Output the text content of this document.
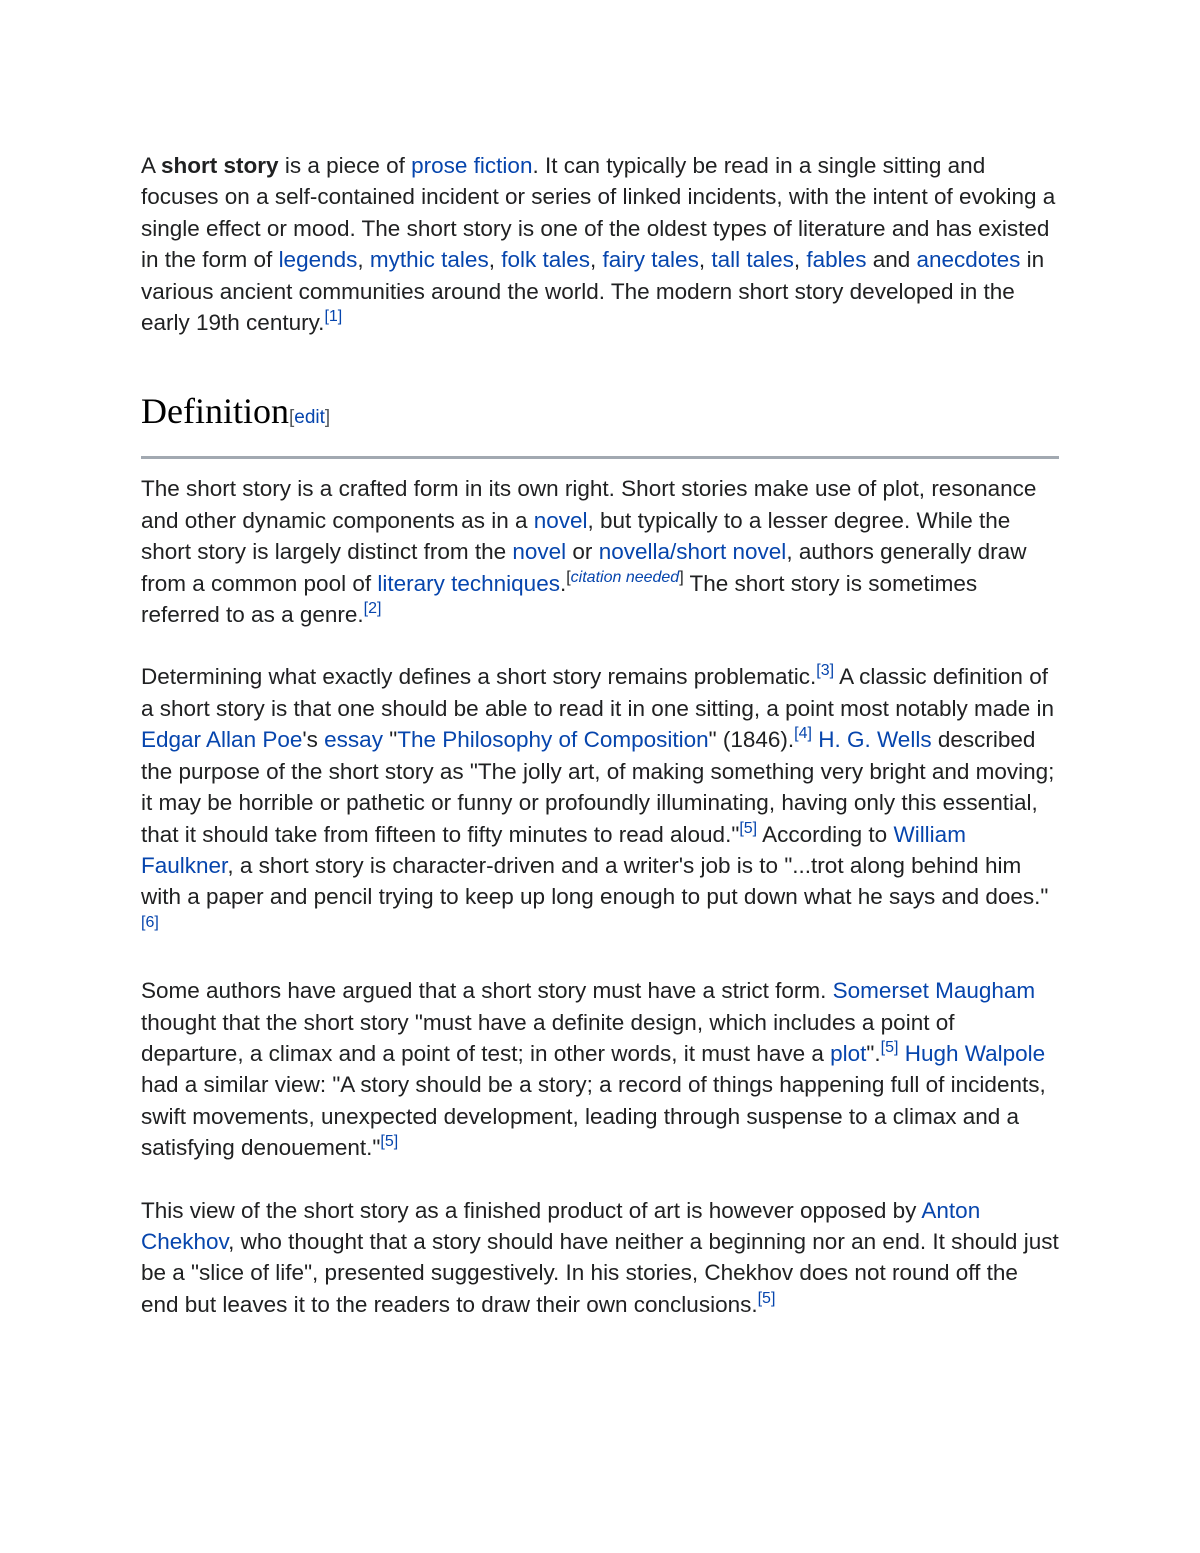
A short story is a piece of prose fiction. It can typically be read in a single sitting and focuses on a self-contained incident or series of linked incidents, with the intent of evoking a single effect or mood. The short story is one of the oldest types of literature and has existed in the form of legends, mythic tales, folk tales, fairy tales, tall tales, fables and anecdotes in various ancient communities around the world. The modern short story developed in the early 19th century.[1]

Definition[edit]

The short story is a crafted form in its own right. Short stories make use of plot, resonance and other dynamic components as in a novel, but typically to a lesser degree. While the short story is largely distinct from the novel or novella/short novel, authors generally draw from a common pool of literary techniques.[citation needed] The short story is sometimes referred to as a genre.[2]

Determining what exactly defines a short story remains problematic.[3] A classic definition of a short story is that one should be able to read it in one sitting, a point most notably made in Edgar Allan Poe's essay "The Philosophy of Composition" (1846).[4] H. G. Wells described the purpose of the short story as "The jolly art, of making something very bright and moving; it may be horrible or pathetic or funny or profoundly illuminating, having only this essential, that it should take from fifteen to fifty minutes to read aloud."[5] According to William Faulkner, a short story is character-driven and a writer's job is to "...trot along behind him with a paper and pencil trying to keep up long enough to put down what he says and does."[6]

Some authors have argued that a short story must have a strict form. Somerset Maugham thought that the short story "must have a definite design, which includes a point of departure, a climax and a point of test; in other words, it must have a plot".[5] Hugh Walpole had a similar view: "A story should be a story; a record of things happening full of incidents, swift movements, unexpected development, leading through suspense to a climax and a satisfying denouement."[5]

This view of the short story as a finished product of art is however opposed by Anton Chekhov, who thought that a story should have neither a beginning nor an end. It should just be a "slice of life", presented suggestively. In his stories, Chekhov does not round off the end but leaves it to the readers to draw their own conclusions.[5]
